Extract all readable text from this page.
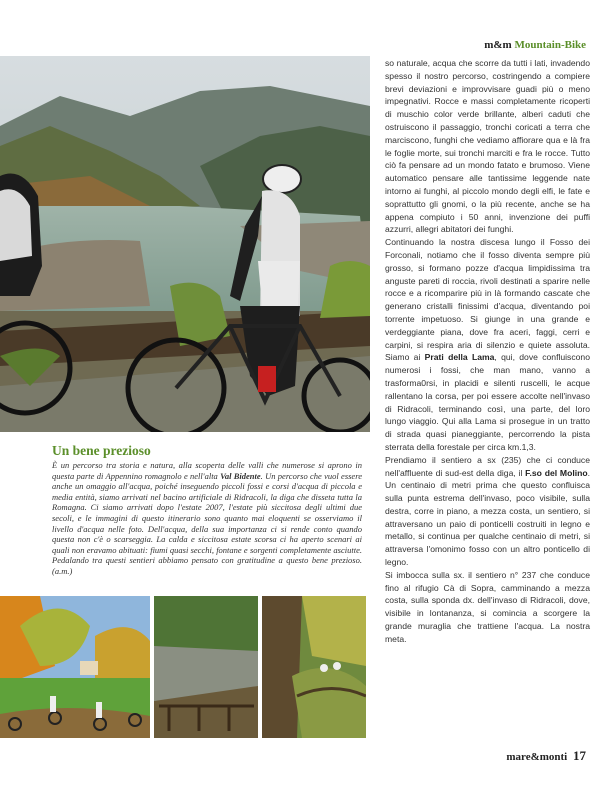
m&m Mountain-Bike

so naturale, acqua che scorre da tutti i lati, invadendo spesso il nostro percorso, costringendo a compiere brevi deviazioni e improvvisare guadi più o meno impegnativi. Rocce e massi completamente ricoperti di muschio color verde brillante, alberi caduti che ostruiscono il passaggio, tronchi coricati a terra che marciscono, funghi che vediamo affiorare qua e là fra le foglie morte, sui tronchi marciti e fra le rocce. Tutto ciò fa pensare ad un mondo fatato e brumoso. Viene automatico pensare alle tantissime leggende nate intorno ai funghi, al piccolo mondo degli elfi, le fate e soprattutto gli gnomi, o la più recente, anche se ha appena compiuto i 50 anni, invenzione dei puffi azzurri, allegri abitatori dei funghi.

Continuando la nostra discesa lungo il Fosso dei Forconali, notiamo che il fosso diventa sempre più grosso, si formano pozze d'acqua limpidissima tra anguste pareti di roccia, rivoli destinati a sparire nelle rocce e a ricomparire più in là formando cascate che generano cristalli finissimi d'acqua, diventando poi torrente impetuoso. Si giunge in una grande e verdeggiante piana, dove fra aceri, faggi, cerri e carpini, si respira aria di silenzio e quiete assoluta. Siamo ai Prati della Lama, qui, dove confluiscono numerosi i fossi, che man mano, vanno a trasforma0rsi, in placidi e silenti ruscelli, le acque rallentano la corsa, per poi essere accolte nell'invaso di Ridracoli, terminando così, una parte, del loro lungo viaggio. Qui alla Lama si prosegue in un tratto di strada quasi pianeggiante, percorrendo la pista sterrata della forestale per circa km.1,3.

Prendiamo il sentiero a sx (235) che ci conduce nell'affluente di sud-est della diga, il F.so del Molino. Un centinaio di metri prima che questo confluisca sulla punta estrema dell'invaso, poco visibile, sulla destra, corre in piano, a mezza costa, un sentiero, si attraversano un paio di ponticelli costruiti in legno e metallo, si continua per qualche centinaio di metri, si attraversa l'omonimo fosso con un altro ponticello di legno.

Si imbocca sulla sx. il sentiero n° 237 che conduce fino al rifugio Cà di Sopra, camminando a mezza costa, sulla sponda dx. dell'invaso di Ridracoli, dove, visibile in lontananza, si comincia a scorgere la grande muraglia che trattiene l'acqua. La nostra meta.

Un bene prezioso
È un percorso tra storia e natura, alla scoperta delle valli che numerose si aprono in questa parte di Appennino romagnolo e nell'alta Val Bidente. Un percorso che vuol essere anche un omaggio all'acqua, poiché inseguendo piccoli fossi e corsi d'acqua di piccola e media entità, siamo arrivati nel bacino artificiale di Ridracoli, la diga che disseta tutta la Romagna. Ci siamo arrivati dopo l'estate 2007, l'estate più siccitosa degli ultimi due secoli, e le immagini di questo itinerario sono quanto mai eloquenti se osserviamo il livello d'acqua nelle foto. Dell'acqua, della sua importanza ci si rende conto quando questa non c'è o scarseggia. La calda e siccitosa estate scorsa ci ha aperto scenari ai quali non eravamo abituati: fiumi quasi secchi, fontane e sorgenti completamente asciutte. Pedalando tra questi sentieri abbiamo pensato con gratitudine a questo bene prezioso. (a.m.)
mare&monti 17
